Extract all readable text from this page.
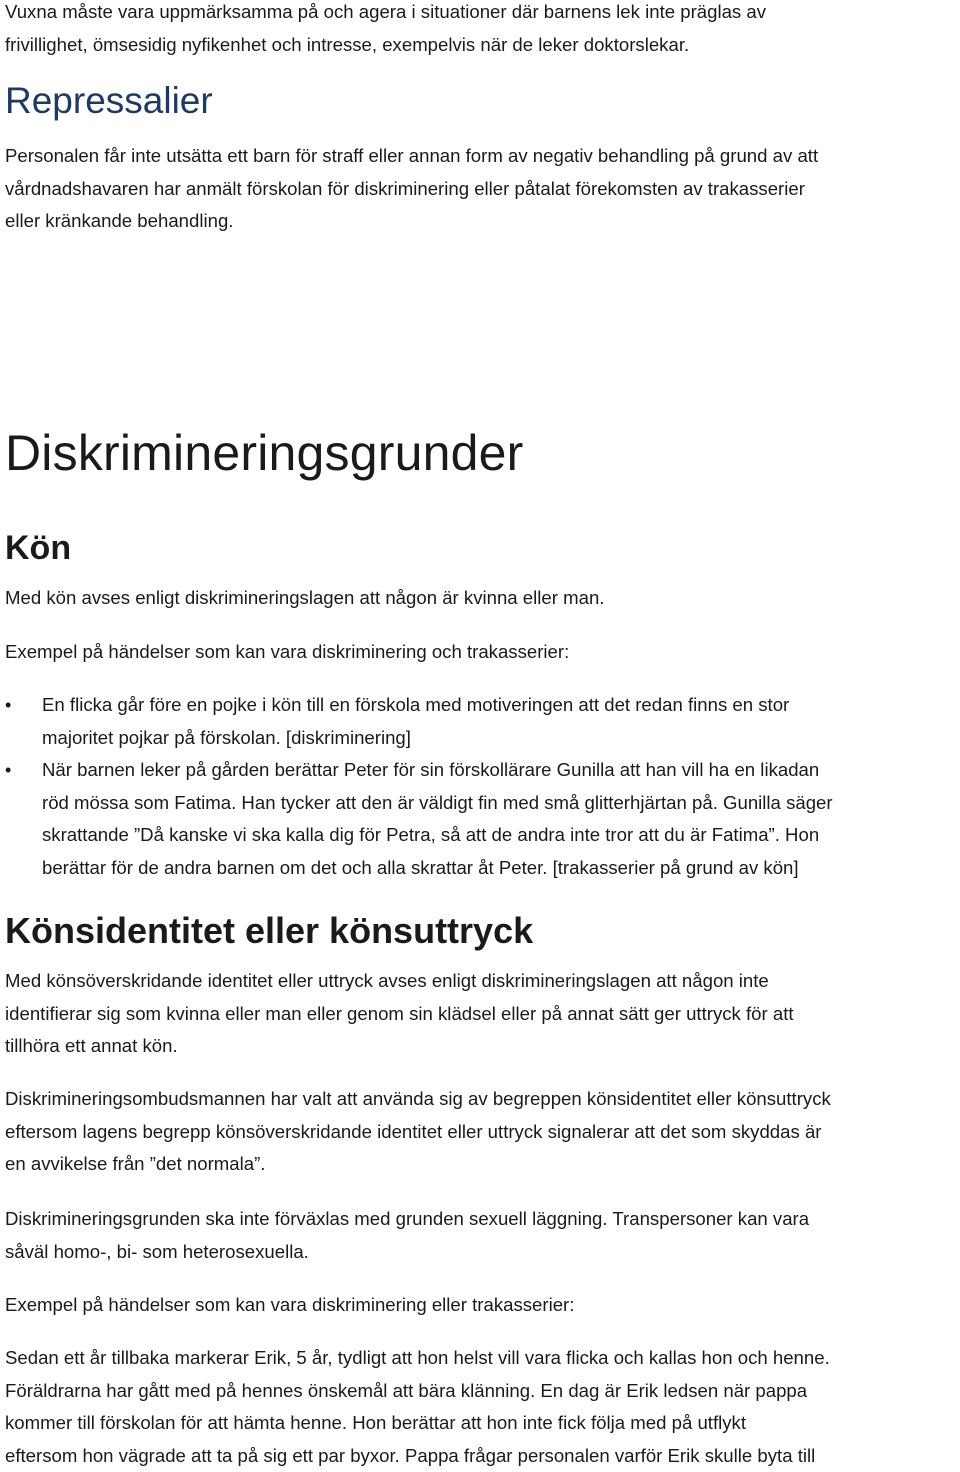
Vuxna måste vara uppmärksamma på och agera i situationer där barnens lek inte präglas av
frivillighet, ömsesidig nyfikenhet och intresse, exempelvis när de leker doktorslekar.

Repressalier

Personalen får inte utsätta ett barn för straff eller annan form av negativ behandling på grund av att
vårdnadshavaren har anmält förskolan för diskriminering eller påtalat förekomsten av trakasserier
eller kränkande behandling.

Diskrimineringsgrunder
Kön

Med kön avses enligt diskrimineringslagen att någon är kvinna eller man.

Exempel på händelser som kan vara diskriminering och trakasserier:

•	En flicka går före en pojke i kön till en förskola med motiveringen att det redan finns en stor
majoritet pojkar på förskolan. [diskriminering]
•	När barnen leker på gården berättar Peter för sin förskollärare Gunilla att han vill ha en likadan
röd mössa som Fatima. Han tycker att den är väldigt fin med små glitterhjärtan på. Gunilla säger
skrattande ”Då kanske vi ska kalla dig för Petra, så att de andra inte tror att du är Fatima”. Hon
berättar för de andra barnen om det och alla skrattar åt Peter. [trakasserier på grund av kön]
Könsidentitet eller könsuttryck

Med könsöverskridande identitet eller uttryck avses enligt diskrimineringslagen att någon inte
identifierar sig som kvinna eller man eller genom sin klädsel eller på annat sätt ger uttryck för att
tillhöra ett annat kön.

Diskrimineringsombudsmannen har valt att använda sig av begreppen könsidentitet eller könsuttryck
eftersom lagens begrepp könsöverskridande identitet eller uttryck signalerar att det som skyddas är
en avvikelse från ”det normala”.

Diskrimineringsgrunden ska inte förväxlas med grunden sexuell läggning. Transpersoner kan vara
såväl homo-, bi- som heterosexuella.

Exempel på händelser som kan vara diskriminering eller trakasserier:

Sedan ett år tillbaka markerar Erik, 5 år, tydligt att hon helst vill vara flicka och kallas hon och henne.
Föräldrarna har gått med på hennes önskemål att bära klänning. En dag är Erik ledsen när pappa
kommer till förskolan för att hämta henne. Hon berättar att hon inte fick följa med på utflykt
eftersom hon vägrade att ta på sig ett par byxor. Pappa frågar personalen varför Erik skulle byta till
